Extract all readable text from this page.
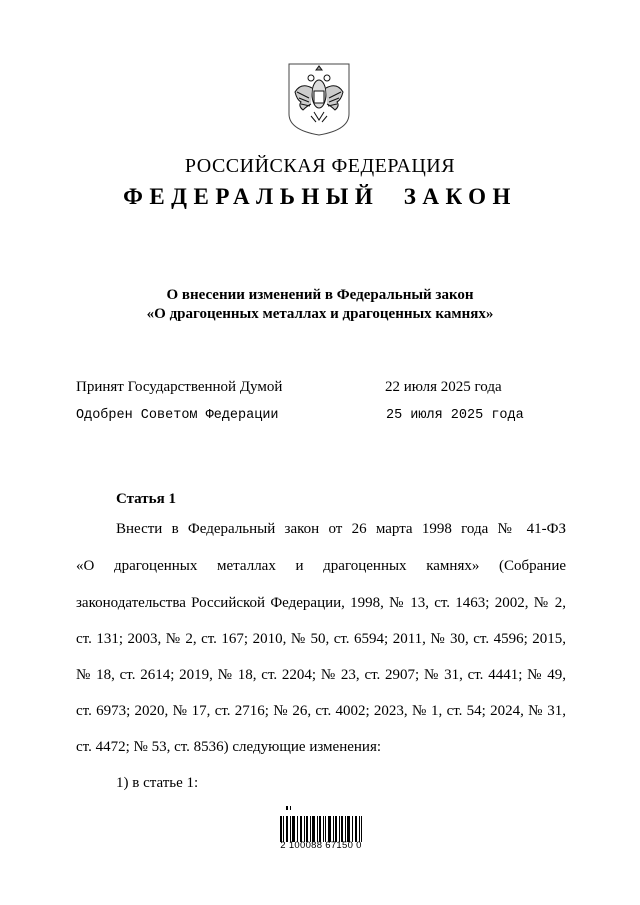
РОССИЙСКАЯ ФЕДЕРАЦИЯ
ФЕДЕРАЛЬНЫЙ  ЗАКОН
О внесении изменений в Федеральный закон
«О драгоценных металлах и драгоценных камнях»
Принят Государственной Думой	22 июля 2025 года
Одобрен Советом Федерации	25 июля 2025 года
Статья 1
Внести в Федеральный закон от 26 марта 1998 года № 41-ФЗ
«О драгоценных металлах и драгоценных камнях» (Собрание
законодательства Российской Федерации, 1998, № 13, ст. 1463; 2002, № 2,
ст. 131; 2003, № 2, ст. 167; 2010, № 50, ст. 6594; 2011, № 30, ст. 4596; 2015,
№ 18, ст. 2614; 2019, № 18, ст. 2204; № 23, ст. 2907; № 31, ст. 4441; № 49,
ст. 6973; 2020, № 17, ст. 2716; № 26, ст. 4002; 2023, № 1, ст. 54; 2024, № 31,
ст. 4472; № 53, ст. 8536) следующие изменения:
1) в статье 1:
2 100088 67150 0
